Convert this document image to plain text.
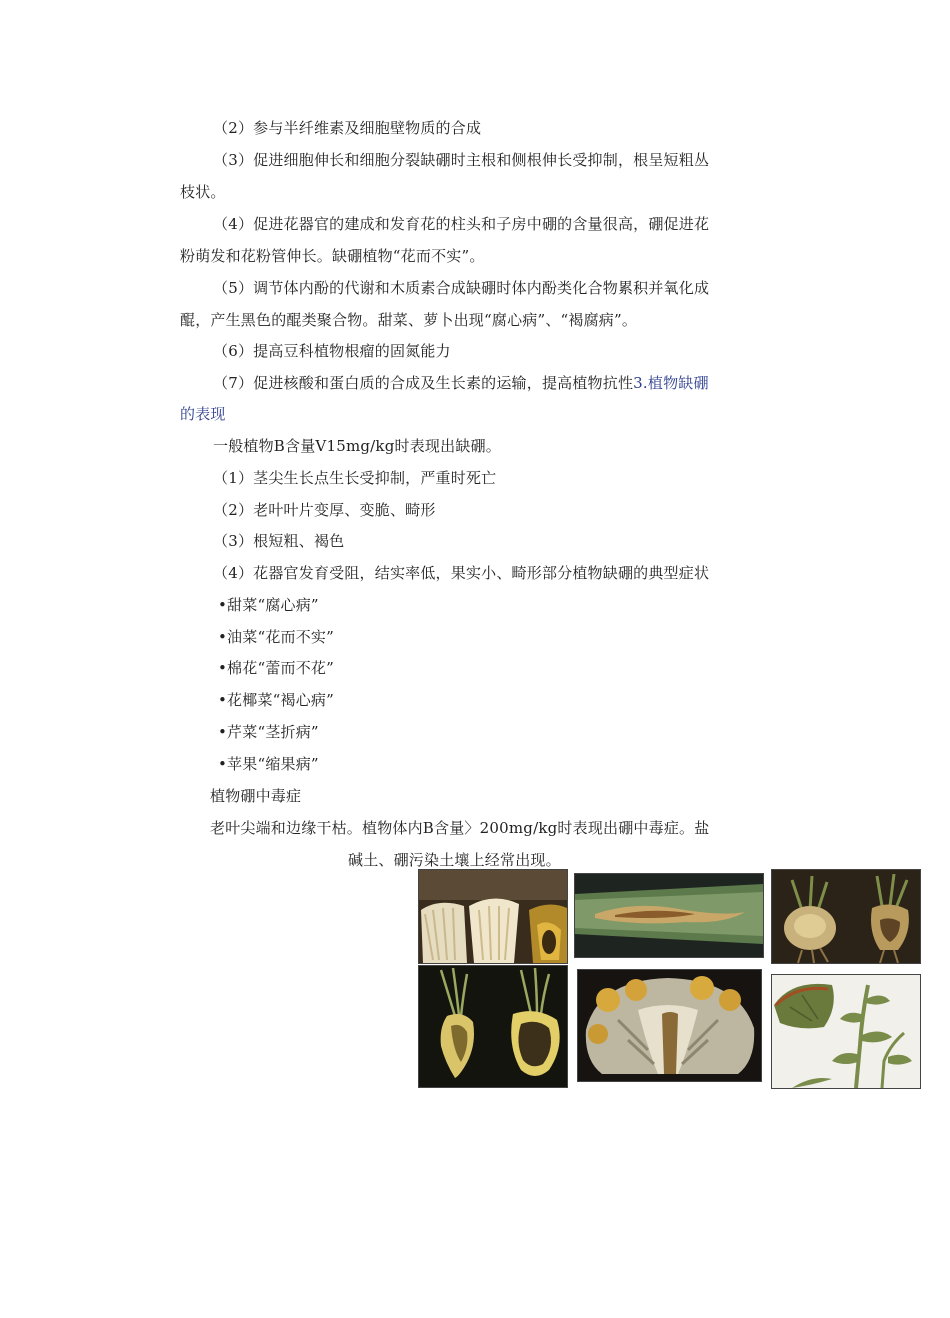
（2）参与半纤维素及细胞壁物质的合成
（3）促进细胞伸长和细胞分裂缺硼时主根和侧根伸长受抑制，根呈短粗丛
枝状。
（4）促进花器官的建成和发育花的柱头和子房中硼的含量很高，硼促进花
粉萌发和花粉管伸长。缺硼植物“花而不实”。
（5）调节体内酚的代谢和木质素合成缺硼时体内酚类化合物累积并氧化成
醌，产生黑色的醌类聚合物。甜菜、萝卜出现“腐心病”、“褐腐病”。
（6）提高豆科植物根瘤的固氮能力
（7）促进核酸和蛋白质的合成及生长素的运输，提高植物抗性3.植物缺硼
的表现
一般植物B含量V15mg/kg时表现出缺硼。
（1）茎尖生长点生长受抑制，严重时死亡
（2）老叶叶片变厚、变脆、畸形
（3）根短粗、褐色
（4）花器官发育受阻，结实率低，果实小、畸形部分植物缺硼的典型症状
•甜菜“腐心病”
•油菜“花而不实”
•棉花“蕾而不花”
•花椰菜“褐心病”
•芹菜“茎折病”
•苹果“缩果病”
植物硼中毒症
老叶尖端和边缘干枯。植物体内B含量〉200mg/kg时表现出硼中毒症。盐
碱土、硼污染土壤上经常出现。
